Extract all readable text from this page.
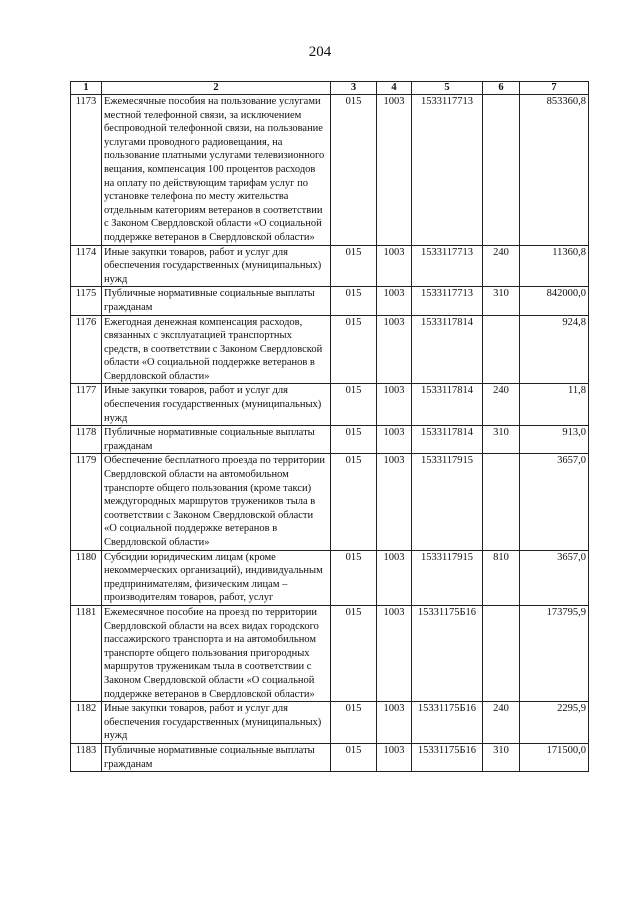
204
1	2	3	4	5	6	7
1173	Ежемесячные пособия на пользование услугами местной телефонной связи, за исключением беспроводной телефонной связи, на пользование услугами проводного радиовещания, на пользование платными услугами телевизионного вещания, компенсация 100 процентов расходов на оплату по действующим тарифам услуг по установке телефона по месту жительства отдельным категориям ветеранов в соответствии с Законом Свердловской области «О социальной поддержке ветеранов в Свердловской области»	015	1003	1533117713		853360,8
1174	Иные закупки товаров, работ и услуг для обеспечения государственных (муниципальных) нужд	015	1003	1533117713	240	11360,8
1175	Публичные нормативные социальные выплаты гражданам	015	1003	1533117713	310	842000,0
1176	Ежегодная денежная компенсация расходов, связанных с эксплуатацией транспортных средств, в соответствии с Законом Свердловской области «О социальной поддержке ветеранов в Свердловской области»	015	1003	1533117814		924,8
1177	Иные закупки товаров, работ и услуг для обеспечения государственных (муниципальных) нужд	015	1003	1533117814	240	11,8
1178	Публичные нормативные социальные выплаты гражданам	015	1003	1533117814	310	913,0
1179	Обеспечение бесплатного проезда по территории Свердловской области на автомобильном транспорте общего пользования (кроме такси) междугородных маршрутов тружеников тыла в соответствии с Законом Свердловской области «О социальной поддержке ветеранов в Свердловской области»	015	1003	1533117915		3657,0
1180	Субсидии юридическим лицам (кроме некоммерческих организаций), индивидуальным предпринимателям, физическим лицам – производителям товаров, работ, услуг	015	1003	1533117915	810	3657,0
1181	Ежемесячное пособие на проезд по территории Свердловской области на всех видах городского пассажирского транспорта и на автомобильном транспорте общего пользования пригородных маршрутов труженикам тыла в соответствии с Законом Свердловской области «О социальной поддержке ветеранов в Свердловской области»	015	1003	15331175Б16		173795,9
1182	Иные закупки товаров, работ и услуг для обеспечения государственных (муниципальных) нужд	015	1003	15331175Б16	240	2295,9
1183	Публичные нормативные социальные выплаты гражданам	015	1003	15331175Б16	310	171500,0
